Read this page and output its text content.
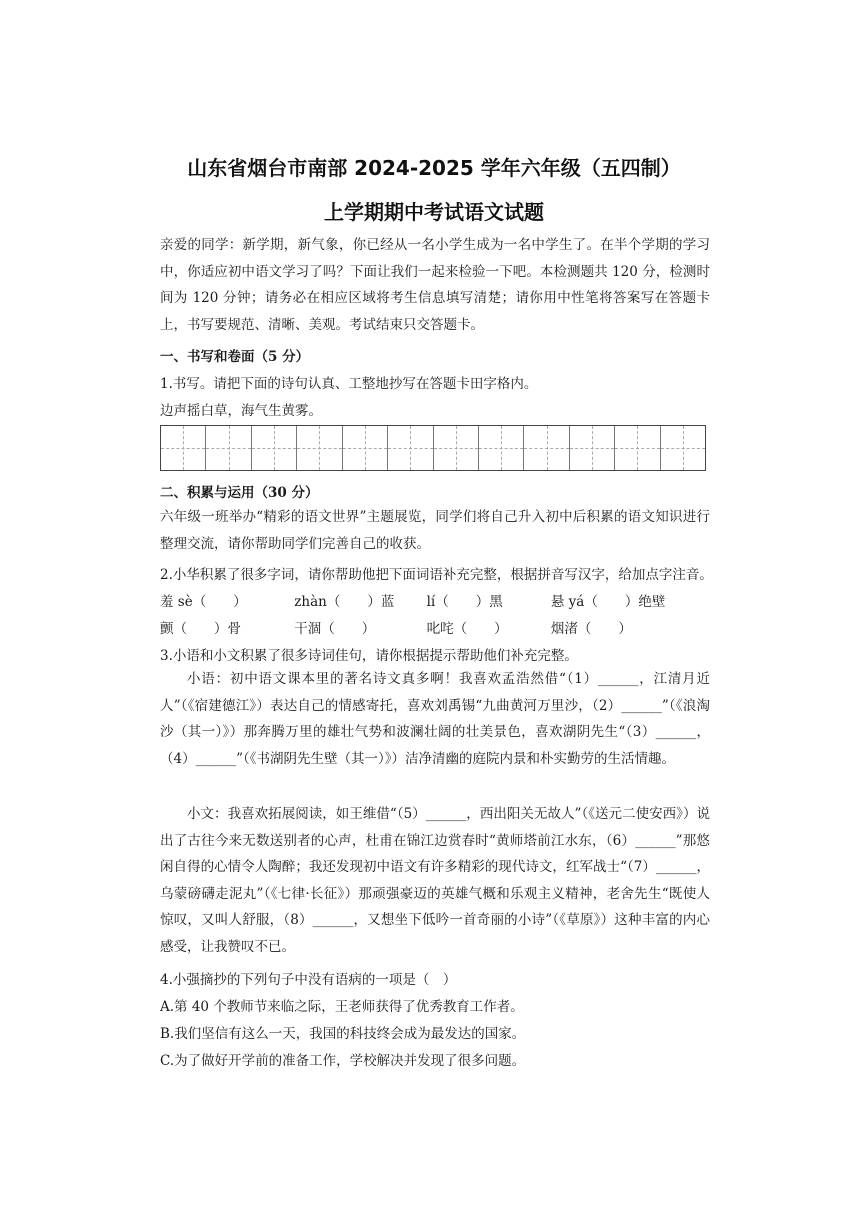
山东省烟台市南部 2024-2025 学年六年级（五四制）
上学期期中考试语文试题
亲爱的同学：新学期，新气象，你已经从一名小学生成为一名中学生了。在半个学期的学习中，你适应初中语文学习了吗？下面让我们一起来检验一下吧。本检测题共 120 分，检测时间为 120 分钟；请务必在相应区域将考生信息填写清楚；请你用中性笔将答案写在答题卡上，书写要规范、清晰、美观。考试结束只交答题卡。
一、书写和卷面（5 分）
1.书写。请把下面的诗句认真、工整地抄写在答题卡田字格内。
边声摇白草，海气生黄雾。
二、积累与运用（30 分）
六年级一班举办“精彩的语文世界”主题展览，同学们将自己升入初中后积累的语文知识进行整理交流，请你帮助同学们完善自己的收获。
2.小华积累了很多字词，请你帮助他把下面词语补充完整，根据拼音写汉字，给加点字注音。
羞 sè（　　）	zhàn（　　）蓝 lí（　　）黑	悬 yá（　　）绝壁
颤（　　）骨	干涸（　　）	叱咤（　　）	烟渚（　　）
3.小语和小文积累了很多诗词佳句，请你根据提示帮助他们补充完整。
小语：初中语文课本里的著名诗文真多啊！我喜欢孟浩然借“（1）______，江清月近人”（《宿建德江》）表达自己的情感寄托，喜欢刘禹锡“九曲黄河万里沙，（2）______”（《浪淘沙（其一）》）那奔腾万里的雄壮气势和波澜壮阔的壮美景色，喜欢湖阴先生“（3）______，（4）______”（《书湖阴先生壁（其一）》）洁净清幽的庭院内景和朴实勤劳的生活情趣。
小文：我喜欢拓展阅读，如王维借“（5）______，西出阳关无故人”（《送元二使安西》）说出了古往今来无数送别者的心声，杜甫在锦江边赏春时“黄师塔前江水东，（6）______”那悠闲自得的心情令人陶醉；我还发现初中语文有许多精彩的现代诗文，红军战士“（7）______，乌蒙磅礴走泥丸”（《七律·长征》）那顽强豪迈的英雄气概和乐观主义精神，老舍先生“既使人惊叹，又叫人舒服，（8）______，又想坐下低吟一首奇丽的小诗”（《草原》）这种丰富的内心感受，让我赞叹不已。
4.小强摘抄的下列句子中没有语病的一项是（　）
A.第 40 个教师节来临之际，王老师获得了优秀教育工作者。
B.我们坚信有这么一天，我国的科技终会成为最发达的国家。
C.为了做好开学前的准备工作，学校解决并发现了很多问题。
